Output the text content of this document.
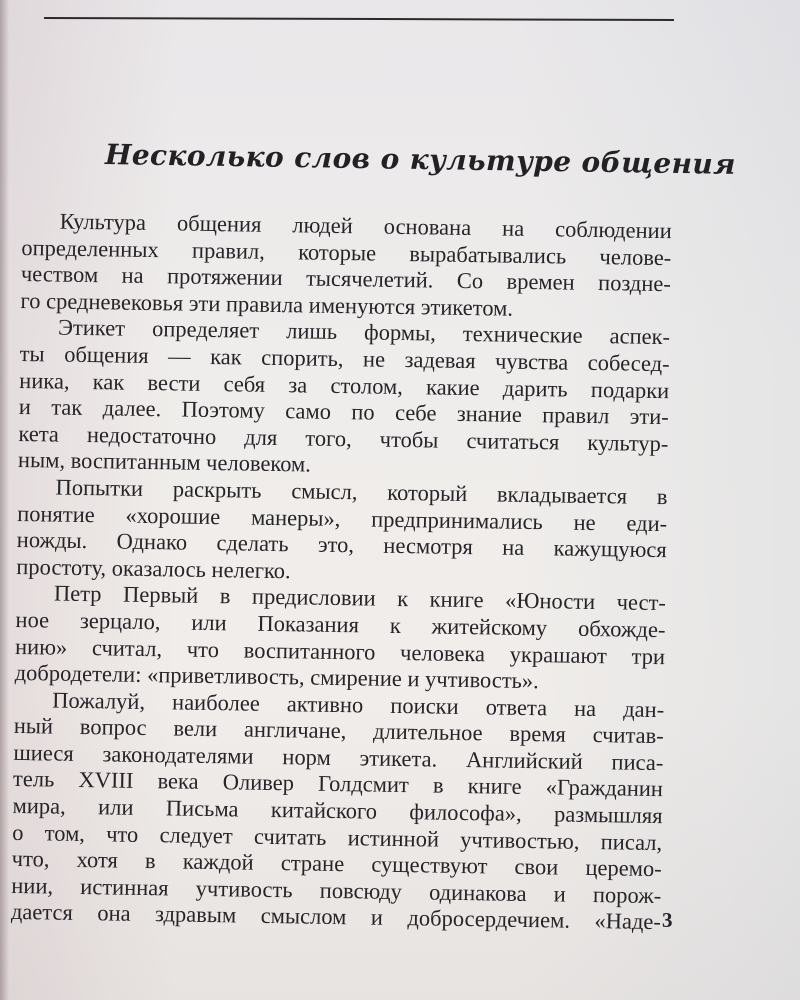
Несколько слов о культуре общения
Культура общения людей основана на соблюдении
определенных правил, которые вырабатывались челове-
чеством на протяжении тысячелетий. Со времен поздне-
го средневековья эти правила именуются этикетом.
Этикет определяет лишь формы, технические аспек-
ты общения — как спорить, не задевая чувства собесед-
ника, как вести себя за столом, какие дарить подарки
и так далее. Поэтому само по себе знание правил эти-
кета недостаточно для того, чтобы считаться культур-
ным, воспитанным человеком.
Попытки раскрыть смысл, который вкладывается в
понятие «хорошие манеры», предпринимались не еди-
ножды. Однако сделать это, несмотря на кажущуюся
простоту, оказалось нелегко.
Петр Первый в предисловии к книге «Юности чест-
ное зерцало, или Показания к житейскому обхожде-
нию» считал, что воспитанного человека украшают три
добродетели: «приветливость, смирение и учтивость».
Пожалуй, наиболее активно поиски ответа на дан-
ный вопрос вели англичане, длительное время считав-
шиеся законодателями норм этикета. Английский писа-
тель XVIII века Оливер Голдсмит в книге «Гражданин
мира, или Письма китайского философа», размышляя
о том, что следует считать истинной учтивостью, писал,
что, хотя в каждой стране существуют свои церемо-
нии, истинная учтивость повсюду одинакова и порож-
дается она здравым смыслом и добросердечием. «Наде- 3
